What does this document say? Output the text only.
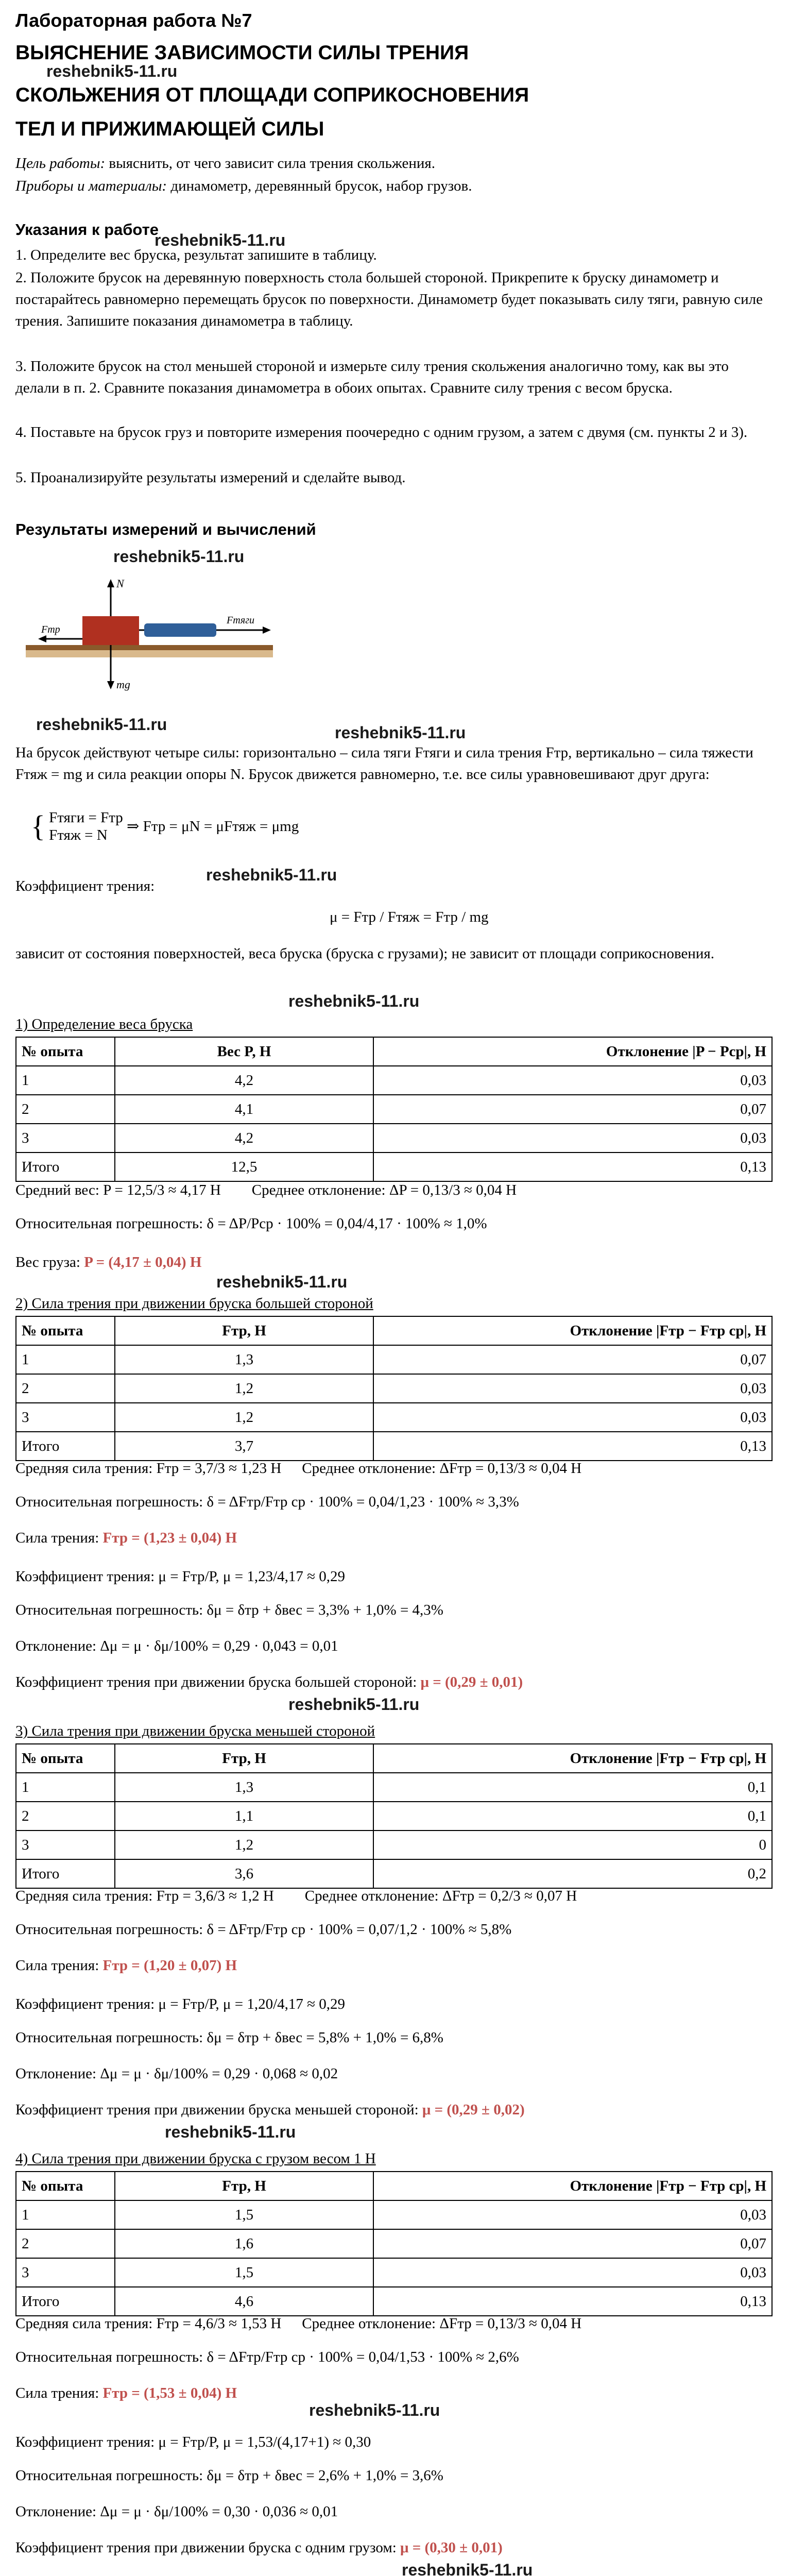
Лабораторная работа №7
ВЫЯСНЕНИЕ ЗАВИСИМОСТИ СИЛЫ ТРЕНИЯ
reshebnik5-11.ru
СКОЛЬЖЕНИЯ ОТ ПЛОЩАДИ СОПРИКОСНОВЕНИЯ
ТЕЛ И ПРИЖИМАЮЩЕЙ СИЛЫ

Цель работы: выяснить, от чего зависит сила трения скольжения.

Приборы и материалы: динамометр, деревянный брусок, набор грузов.

Указания к работе
reshebnik5-11.ru

1. Определите вес бруска, результат запишите в таблицу.

2. Положите брусок на деревянную поверхность стола большей стороной. Прикрепите к бруску динамометр и постарайтесь равномерно перемещать брусок по поверхности. Динамометр будет показывать силу тяги, равную силе трения. Запишите показания динамометра в таблицу.

3. Положите брусок на стол меньшей стороной и измерьте силу трения скольжения аналогично тому, как вы это делали в п. 2. Сравните показания динамометра в обоих опытах. Сравните силу трения с весом бруска.

4. Поставьте на брусок груз и повторите измерения поочередно с одним грузом, а затем с двумя (см. пункты 2 и 3).

5. Проанализируйте результаты измерений и сделайте вывод.

Результаты измерений и вычислений
reshebnik5-11.ru
Fтр
N
mg
Fтяги
reshebnik5-11.ru	reshebnik5-11.ru

На брусок действуют четыре силы: горизонтально – сила тяги Fтяги и сила трения Fтр, вертикально – сила тяжести Fтяж = mg и сила реакции опоры N. Брусок движется равномерно, т.е. все силы уравновешивают друг друга:

{ Fтяги = Fтр
Fтяж = N
⇒ Fтр = μN = μFтяж = μmg
Коэффициент трения:
reshebnik5-11.ru
μ = Fтр / Fтяж = Fтр / mg

зависит от состояния поверхностей, веса бруска (бруска с грузами); не зависит от площади соприкосновения.

reshebnik5-11.ru
1) Определение веса бруска
№ опыта	Вес P, Н	Отклонение |P − Pср|, Н
1	4,2	0,03
2	4,1	0,07
3	4,2	0,03
Итого	12,5	0,13
Средний вес: P = 12,5/3 ≈ 4,17 Н Среднее отклонение: ΔP = 0,13/3 ≈ 0,04 Н
Относительная погрешность: δ = ΔP/Pср · 100% = 0,04/4,17 · 100% ≈ 1,0%
Вес груза: P = (4,17 ± 0,04) Н
reshebnik5-11.ru
2) Сила трения при движении бруска большей стороной
№ опыта	Fтр, Н	Отклонение |Fтр − Fтр ср|, Н
1	1,3	0,07
2	1,2	0,03
3	1,2	0,03
Итого	3,7	0,13
Средняя сила трения: Fтр = 3,7/3 ≈ 1,23 Н Среднее отклонение: ΔFтр = 0,13/3 ≈ 0,04 Н
Относительная погрешность: δ = ΔFтр/Fтр ср · 100% = 0,04/1,23 · 100% ≈ 3,3%
Сила трения: Fтр = (1,23 ± 0,04) Н
Коэффициент трения: μ = Fтр/P, μ = 1,23/4,17 ≈ 0,29
Относительная погрешность: δμ = δтр + δвес = 3,3% + 1,0% = 4,3%
Отклонение: Δμ = μ · δμ/100% = 0,29 · 0,043 = 0,01
Коэффициент трения при движении бруска большей стороной: μ = (0,29 ± 0,01)
reshebnik5-11.ru
3) Сила трения при движении бруска меньшей стороной
№ опыта	Fтр, Н	Отклонение |Fтр − Fтр ср|, Н
1	1,3	0,1
2	1,1	0,1
3	1,2	0
Итого	3,6	0,2
Средняя сила трения: Fтр = 3,6/3 ≈ 1,2 Н Среднее отклонение: ΔFтр = 0,2/3 ≈ 0,07 Н
Относительная погрешность: δ = ΔFтр/Fтр ср · 100% = 0,07/1,2 · 100% ≈ 5,8%
Сила трения: Fтр = (1,20 ± 0,07) Н
Коэффициент трения: μ = Fтр/P, μ = 1,20/4,17 ≈ 0,29
Относительная погрешность: δμ = δтр + δвес = 5,8% + 1,0% = 6,8%
Отклонение: Δμ = μ · δμ/100% = 0,29 · 0,068 ≈ 0,02
Коэффициент трения при движении бруска меньшей стороной: μ = (0,29 ± 0,02)
reshebnik5-11.ru
4) Сила трения при движении бруска с грузом весом 1 Н
№ опыта	Fтр, Н	Отклонение |Fтр − Fтр ср|, Н
1	1,5	0,03
2	1,6	0,07
3	1,5	0,03
Итого	4,6	0,13
Средняя сила трения: Fтр = 4,6/3 ≈ 1,53 Н Среднее отклонение: ΔFтр = 0,13/3 ≈ 0,04 Н
Относительная погрешность: δ = ΔFтр/Fтр ср · 100% = 0,04/1,53 · 100% ≈ 2,6%
Сила трения: Fтр = (1,53 ± 0,04) Н
reshebnik5-11.ru
Коэффициент трения: μ = Fтр/P, μ = 1,53/(4,17+1) ≈ 0,30
Относительная погрешность: δμ = δтр + δвес = 2,6% + 1,0% = 3,6%
Отклонение: Δμ = μ · δμ/100% = 0,30 · 0,036 ≈ 0,01
Коэффициент трения при движении бруска с одним грузом: μ = (0,30 ± 0,01)
reshebnik5-11.ru
